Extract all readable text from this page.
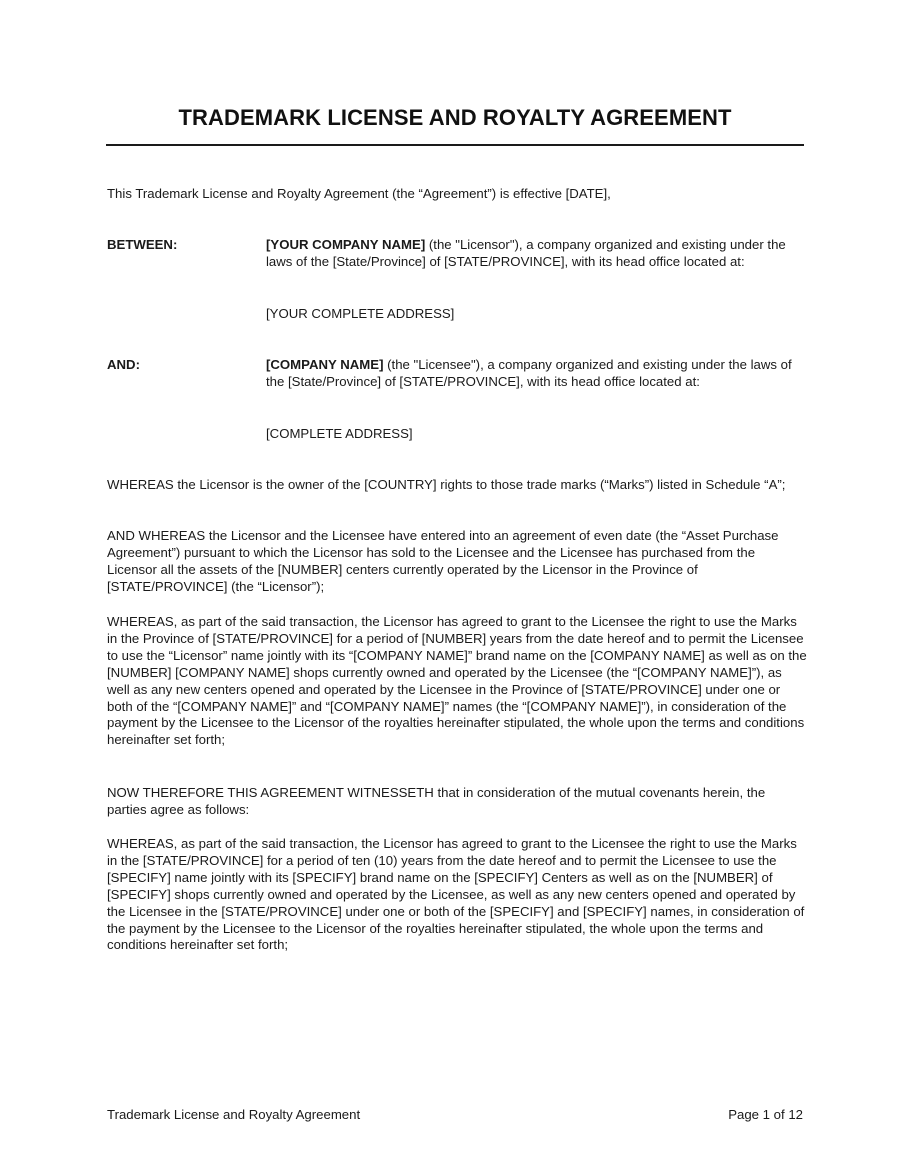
TRADEMARK LICENSE AND ROYALTY AGREEMENT
This Trademark License and Royalty Agreement (the “Agreement”) is effective [DATE],
BETWEEN:	[YOUR COMPANY NAME] (the "Licensor"), a company organized and existing under the laws of the [State/Province] of [STATE/PROVINCE], with its head office located at:
[YOUR COMPLETE ADDRESS]
AND:	[COMPANY NAME] (the "Licensee"), a company organized and existing under the laws of the [State/Province] of [STATE/PROVINCE], with its head office located at:
[COMPLETE ADDRESS]

WHEREAS the Licensor is the owner of the [COUNTRY] rights to those trade marks (“Marks”) listed in Schedule “A”;

AND WHEREAS the Licensor and the Licensee have entered into an agreement of even date (the “Asset Purchase Agreement”) pursuant to which the Licensor has sold to the Licensee and the Licensee has purchased from the Licensor all the assets of the [NUMBER] centers currently operated by the Licensor in the Province of [STATE/PROVINCE] (the “Licensor”);

WHEREAS, as part of the said transaction, the Licensor has agreed to grant to the Licensee the right to use the Marks in the Province of [STATE/PROVINCE] for a period of [NUMBER] years from the date hereof and to permit the Licensee to use the “Licensor” name jointly with its “[COMPANY NAME]” brand name on the [COMPANY NAME] as well as on the [NUMBER] [COMPANY NAME] shops currently owned and operated by the Licensee (the “[COMPANY NAME]”), as well as any new centers opened and operated by the Licensee in the Province of [STATE/PROVINCE] under one or both of the “[COMPANY NAME]” and “[COMPANY NAME]” names (the “[COMPANY NAME]”), in consideration of the payment by the Licensee to the Licensor of the royalties hereinafter stipulated, the whole upon the terms and conditions hereinafter set forth;

NOW THEREFORE THIS AGREEMENT WITNESSETH that in consideration of the mutual covenants herein, the parties agree as follows:

WHEREAS, as part of the said transaction, the Licensor has agreed to grant to the Licensee the right to use the Marks in the [STATE/PROVINCE] for a period of ten (10) years from the date hereof and to permit the Licensee to use the [SPECIFY] name jointly with its [SPECIFY] brand name on the [SPECIFY] Centers as well as on the [NUMBER] of [SPECIFY] shops currently owned and operated by the Licensee, as well as any new centers opened and operated by the Licensee in the [STATE/PROVINCE] under one or both of the [SPECIFY] and [SPECIFY] names, in consideration of the payment by the Licensee to the Licensor of the royalties hereinafter stipulated, the whole upon the terms and conditions hereinafter set forth;

Trademark License and Royalty Agreement	Page 1 of 12
